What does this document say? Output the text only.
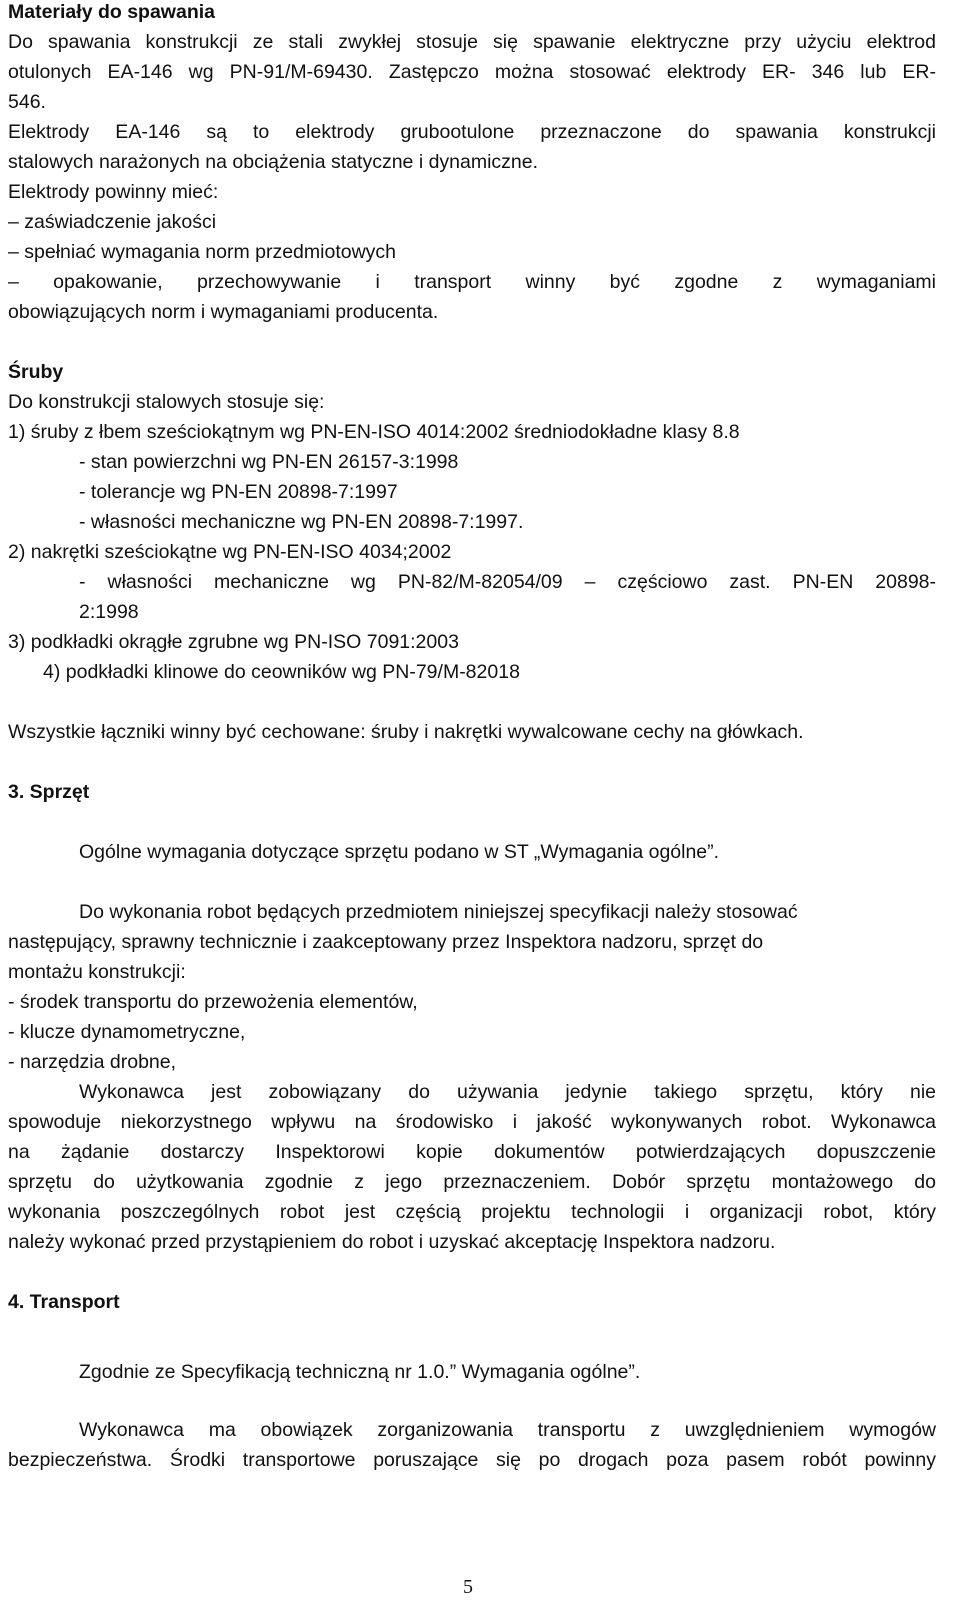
Materiały do spawania
Do spawania konstrukcji ze stali zwykłej stosuje się spawanie elektryczne przy użyciu elektrod
otulonych EA-146 wg PN-91/M-69430. Zastępczo można stosować elektrody ER- 346 lub ER-
546.
Elektrody EA-146 są to elektrody grubootulone przeznaczone do spawania konstrukcji
stalowych narażonych na obciążenia statyczne i dynamiczne.
Elektrody powinny mieć:
– zaświadczenie jakości
– spełniać wymagania norm przedmiotowych
– opakowanie, przechowywanie i transport winny być zgodne z wymaganiami
obowiązujących norm i wymaganiami producenta.
Śruby
Do konstrukcji stalowych stosuje się:
1) śruby z łbem sześciokątnym wg PN-EN-ISO 4014:2002 średniodokładne klasy 8.8
- stan powierzchni wg PN-EN 26157-3:1998
- tolerancje wg PN-EN 20898-7:1997
- własności mechaniczne wg PN-EN 20898-7:1997.
2) nakrętki sześciokątne wg PN-EN-ISO 4034;2002
- własności mechaniczne wg PN-82/M-82054/09 – częściowo zast. PN-EN 20898-
2:1998
3) podkładki okrągłe zgrubne wg PN-ISO 7091:2003
4) podkładki klinowe do ceowników wg PN-79/M-82018
Wszystkie łączniki winny być cechowane: śruby i nakrętki wywalcowane cechy na główkach.
3. Sprzęt
Ogólne wymagania dotyczące sprzętu podano w ST „Wymagania ogólne”.
Do wykonania robot będących przedmiotem niniejszej specyfikacji należy stosować
następujący, sprawny technicznie i zaakceptowany przez Inspektora nadzoru, sprzęt do
montażu konstrukcji:
- środek transportu do przewożenia elementów,
- klucze dynamometryczne,
- narzędzia drobne,
Wykonawca jest zobowiązany do używania jedynie takiego sprzętu, który nie
spowoduje niekorzystnego wpływu na środowisko i jakość wykonywanych robot. Wykonawca
na żądanie dostarczy Inspektorowi kopie dokumentów potwierdzających dopuszczenie
sprzętu do użytkowania zgodnie z jego przeznaczeniem. Dobór sprzętu montażowego do
wykonania poszczególnych robot jest częścią projektu technologii i organizacji robot, który
należy wykonać przed przystąpieniem do robot i uzyskać akceptację Inspektora nadzoru.
4. Transport
Zgodnie ze Specyfikacją techniczną nr 1.0.” Wymagania ogólne”.
Wykonawca ma obowiązek zorganizowania transportu z uwzględnieniem wymogów
bezpieczeństwa. Środki transportowe poruszające się po drogach poza pasem robót powinny
5
